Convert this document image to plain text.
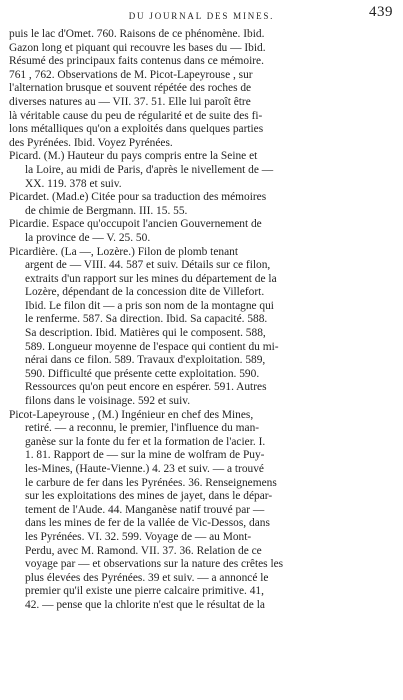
DU JOURNAL DES MINES.	439
puis le lac d'Omet. 760. Raisons de ce phénomène. Ibid.
Gazon long et piquant qui recouvre les bases du — Ibid.
Résumé des principaux faits contenus dans ce mémoire.
761 , 762. Observations de M. Picot-Lapeyrouse , sur
l'alternation brusque et souvent répétée des roches de
diverses natures au — VII. 37. 51. Elle lui paroît être
là véritable cause du peu de régularité et de suite des fi-
lons métalliques qu'on a exploités dans quelques parties
des Pyrénées. Ibid. Voyez Pyrénées.
Picard. (M.) Hauteur du pays compris entre la Seine et
la Loire, au midi de Paris, d'après le nivellement de —
XX. 119. 378 et suiv.
Picardet. (Mad.e) Citée pour sa traduction des mémoires
de chimie de Bergmann. III. 15. 55.
Picardie. Espace qu'occupoit l'ancien Gouvernement de
la province de — V. 25. 50.
Picardière. (La —, Lozère.) Filon de plomb tenant
argent de — VIII. 44. 587 et suiv. Détails sur ce filon,
extraits d'un rapport sur les mines du département de la
Lozère, dépendant de la concession dite de Villefort.
Ibid. Le filon dit — a pris son nom de la montagne qui
le renferme. 587. Sa direction. Ibid. Sa capacité. 588.
Sa description. Ibid. Matières qui le composent. 588,
589. Longueur moyenne de l'espace qui contient du mi-
nérai dans ce filon. 589. Travaux d'exploitation. 589,
590. Difficulté que présente cette exploitation. 590.
Ressources qu'on peut encore en espérer. 591. Autres
filons dans le voisinage. 592 et suiv.
Picot-Lapeyrouse , (M.) Ingénieur en chef des Mines,
retiré. — a reconnu, le premier, l'influence du man-
ganèse sur la fonte du fer et la formation de l'acier. I.
1. 81. Rapport de — sur la mine de wolfram de Puy-
les-Mines, (Haute-Vienne.) 4. 23 et suiv. — a trouvé
le carbure de fer dans les Pyrénées. 36. Renseignemens
sur les exploitations des mines de jayet, dans le dépar-
tement de l'Aude. 44. Manganèse natif trouvé par —
dans les mines de fer de la vallée de Vic-Dessos, dans
les Pyrénées. VI. 32. 599. Voyage de — au Mont-
Perdu, avec M. Ramond. VII. 37. 36. Relation de ce
voyage par — et observations sur la nature des crêtes les
plus élevées des Pyrénées. 39 et suiv. — a annoncé le
premier qu'il existe une pierre calcaire primitive. 41,
42. — pense que la chlorite n'est que le résultat de la
